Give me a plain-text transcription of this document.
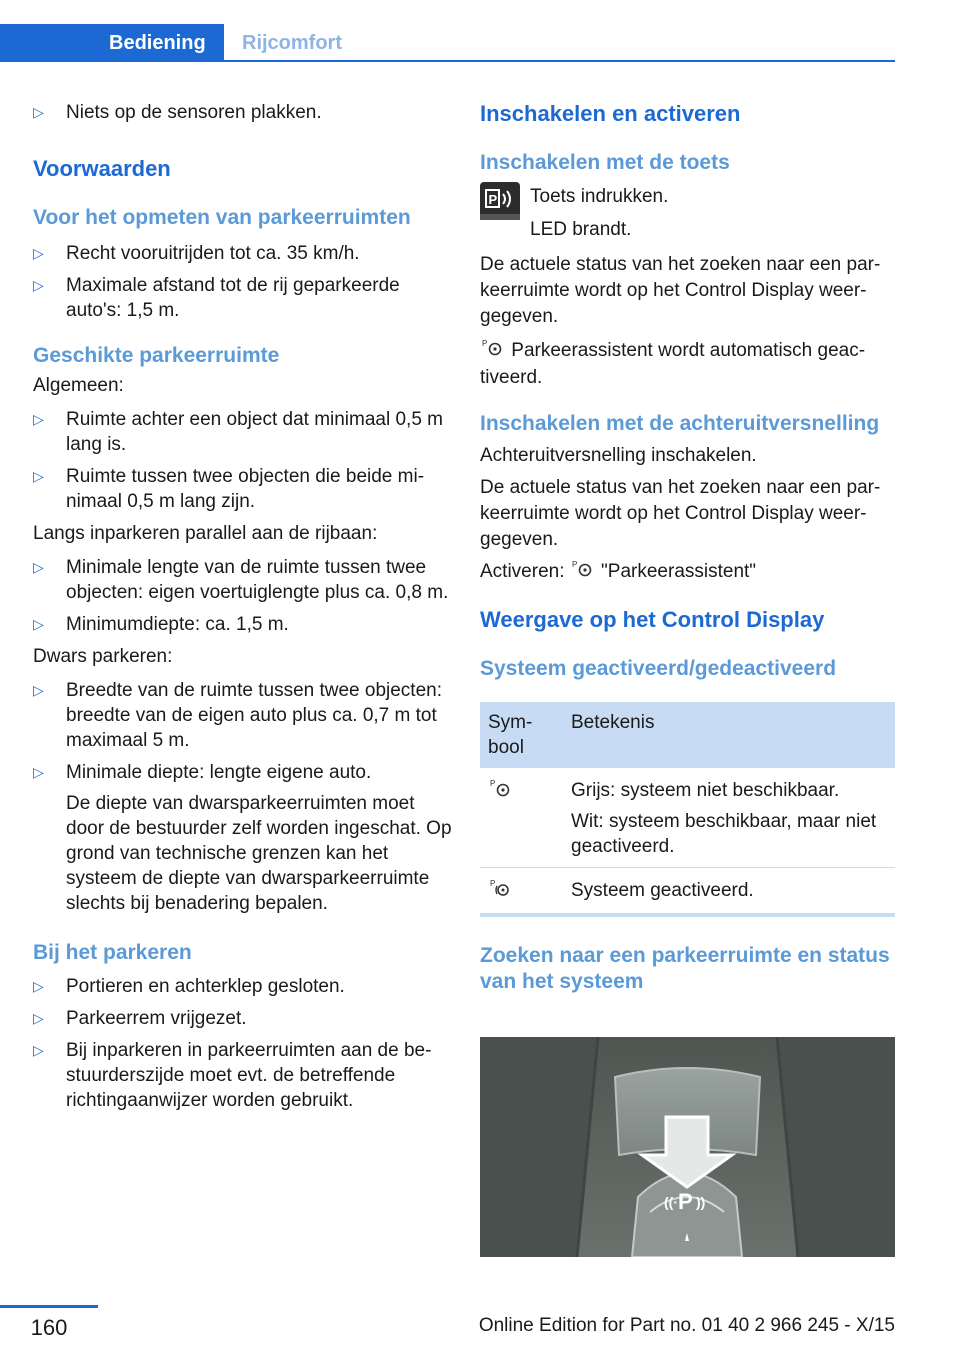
Bediening	Rijcomfort
▷ Niets op de sensoren plakken.
Voorwaarden
Voor het opmeten van parkeerruimten
▷ Recht vooruitrijden tot ca. 35 km/h.
▷ Maximale afstand tot de rij geparkeerde auto's: 1,5 m.
Geschikte parkeerruimte
Algemeen:
▷ Ruimte achter een object dat minimaal 0,5 m lang is.
▷ Ruimte tussen twee objecten die beide minimaal 0,5 m lang zijn.
Langs inparkeren parallel aan de rijbaan:
▷ Minimale lengte van de ruimte tussen twee objecten: eigen voertuiglengte plus ca. 0,8 m.
▷ Minimumdiepte: ca. 1,5 m.
Dwars parkeren:
▷ Breedte van de ruimte tussen twee objecten: breedte van de eigen auto plus ca. 0,7 m tot maximaal 5 m.
▷ Minimale diepte: lengte eigene auto.
De diepte van dwarsparkeerruimten moet door de bestuurder zelf worden ingeschat. Op grond van technische grenzen kan het systeem de diepte van dwarsparkeerruimte slechts bij benadering bepalen.
Bij het parkeren
▷ Portieren en achterklep gesloten.
▷ Parkeerrem vrijgezet.
▷ Bij inparkeren in parkeerruimten aan de bestuurderszijde moet evt. de betreffende richtingaanwijzer worden gebruikt.
Inschakelen en activeren
Inschakelen met de toets
P Toets indrukken.
LED brandt.
De actuele status van het zoeken naar een parkeerruimte wordt op het Control Display weergegeven.
P Parkeerassistent wordt automatisch geactiveerd.
Inschakelen met de achteruitversnelling
Achteruitversnelling inschakelen.
De actuele status van het zoeken naar een parkeerruimte wordt op het Control Display weergegeven.
Activeren: P "Parkeerassistent"
Weergave op het Control Display
Systeem geactiveerd/gedeactiveerd
Symbool	Betekenis

P	Grijs: systeem niet beschikbaar.
Wit: systeem beschikbaar, maar niet geactiveerd.

P	Systeem geactiveerd.
Zoeken naar een parkeerruimte en status van het systeem
((· P ))
160	Online Edition for Part no. 01 40 2 966 245 - X/15
